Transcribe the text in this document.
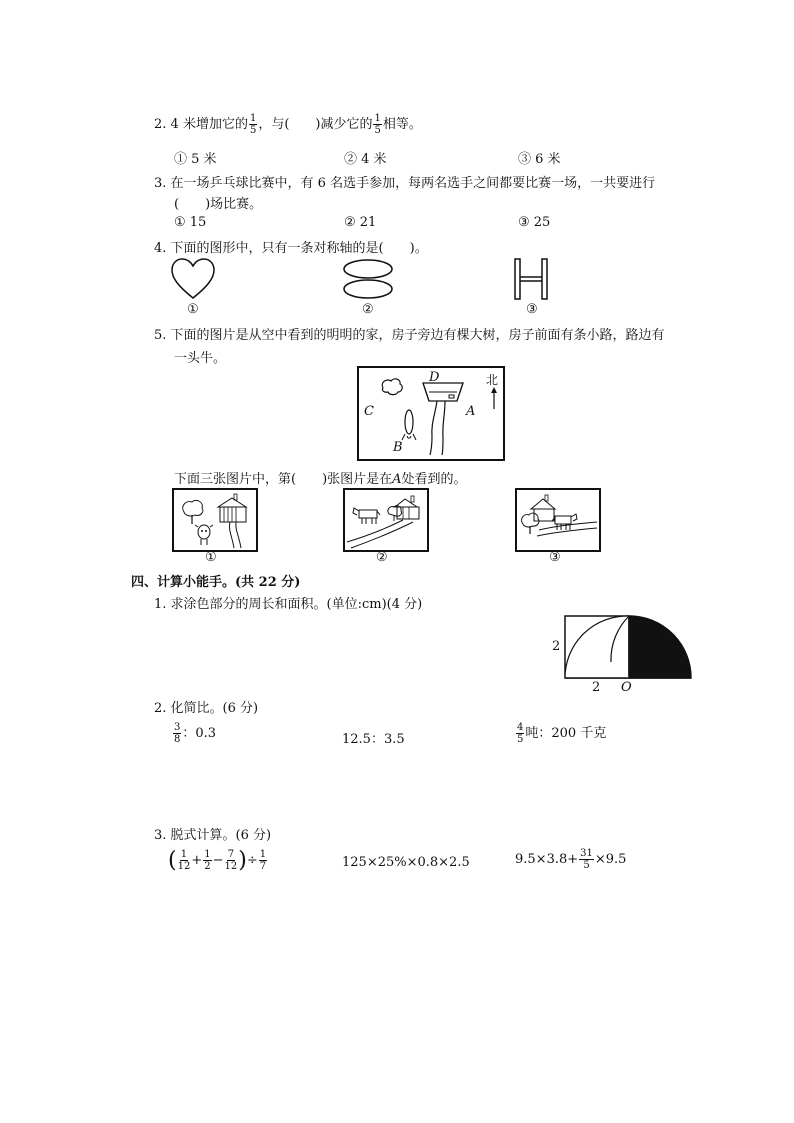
2. 4 米增加它的 $\frac{1}{5}$ ，与( )减少它的 $\frac{1}{5}$ 相等。
① 5 米	② 4 米	③ 6 米
3. 在一场乒乓球比赛中，有 6 名选手参加，每两名选手之间都要比赛一场，一共要进行
( )场比赛。
① 15	② 21	③ 25
4. 下面的图形中，只有一条对称轴的是( )。
①	②	③
5. 下面的图片是从空中看到的明明的家，房子旁边有棵大树，房子前面有条小路，路边有
一头牛。
D
A
C
B
北
下面三张图片中，第( )张图片是在A处看到的。
①	②	③
四、计算小能手。(共 22 分)
1. 求涂色部分的周长和面积。(单位:cm)(4 分)
2
2 O
2. 化简比。(6 分)
$\frac{3}{8}$ ：0.3	12.5：3.5	$\frac{4}{5}$ 吨：200 千克
3. 脱式计算。(6 分)
( $\frac{1}{12} + \frac{1}{2} - \frac{7}{12}$ )÷ $\frac{1}{7}$	125×25%×0.8×2.5	$9.5\times 3.8+ \frac{31}{5} \times 9.5$
